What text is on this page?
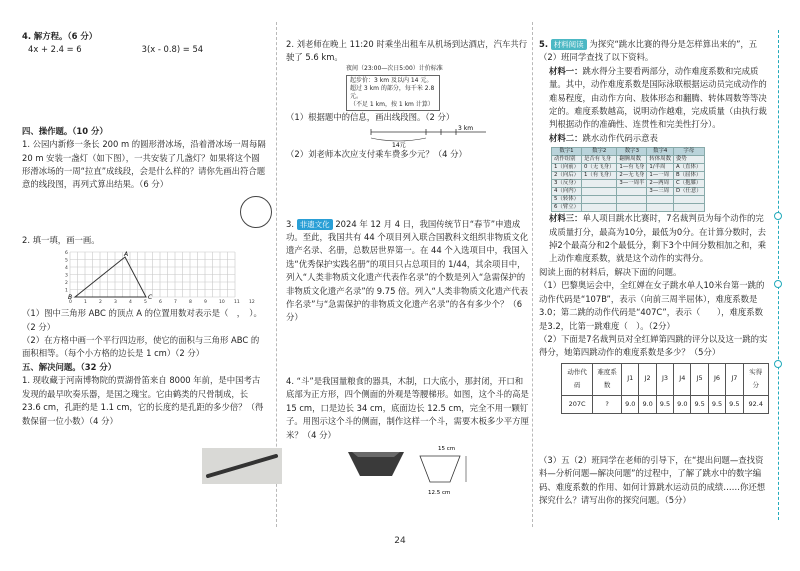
4. 解方程。（6 分）

4x + 2.4 = 6	3(x - 0.8) = 54

四、操作题。（10 分）

1. 公园内新修一条长 200 m 的圆形滑冰场，沿着滑冰场一周每隔 20 m 安装一盏灯（如下图），一共安装了几盏灯？如果将这个圆形滑冰场的一周“拉直”成线段，会是什么样的？请你先画出符合题意的线段图，再列式算出结果。（6 分）

2. 填一填，画一画。

A
B	C
0	1	2	3	4	5	6	7	8	9	10 11 12
1
2
3
4
5
6

（1）图中三角形 ABC 的顶点 A 的位置用数对表示是（　，　）。（2 分）

（2）在方格中画一个平行四边形，使它的面积与三角形 ABC 的面积相等。（每个小方格的边长是 1 cm）（2 分）

五、解决问题。（32 分）

1. 现收藏于河南博物院的贾湖骨笛来自 8000 年前，是中国考古发现的最早吹奏乐器，是国之瑰宝。它由鹤类的尺骨制成，长 23.6 cm，孔距约是 1.1 cm，它的长度约是孔距的多少倍？（得数保留一位小数）（4 分）

2. 刘老师在晚上 11:20 时乘坐出租车从机场到达酒店，汽车共行驶了 5.6 km。

夜间（23:00—次日5:00）计价标准
起步价：3 km 及以内 14 元。
超过 3 km 的部分，每千米 2.8 元。
（不足 1 km，按 1 km 计算）

（1）根据题中的信息，画出线段图。（2 分）

3 km
14元

（2）刘老师本次应支付乘车费多少元？（4 分）

3. 非遗文化 2024 年 12 月 4 日，我国传统节日“春节”申遗成功。至此，我国共有 44 个项目列入联合国教科文组织非物质文化遗产名录、名册，总数居世界第一。在 44 个入选项目中，我国入选“优秀保护实践名册”的项目只占总项目的 1/44，其余项目中，列入“人类非物质文化遗产代表作名录”的个数是列入“急需保护的非物质文化遗产名录”的 9.75 倍。列入“人类非物质文化遗产代表作名录”与“急需保护的非物质文化遗产名录”的各有多少个？（6 分）

4. “斗”是我国量粮食的器具，木制，口大底小，那封闭，开口和底部为正方形，四个侧面的外观是等腰梯形。如图，这个斗的高是 15 cm，口是边长 34 cm，底面边长 12.5 cm，完全不用一颗钉子。用图示这个斗的侧面，制作这样一个斗，需要木板多少平方厘米？（4 分）

15 cm
12.5 cm

5. 材料阅读 为探究“跳水比赛的得分是怎样算出来的”，五（2）班同学查找了以下资料。

材料一：跳水得分主要看两部分，动作难度系数和完成质量。其中，动作难度系数是国际泳联根据运动员完成动作的难易程度，由动作方向、肢体形态和翻腾、转体周数等等决定的。难度系数越高，说明动作越难，完成质量（由执行裁判根据动作的准确性、连贯性和完美性打分）。

材料二：跳水动作代码示意表

数字1	数字2	数字3	数字4	字母
动作组别	是否有飞身	翻腾周数	转体周数	姿势
1（向前）	0（无飞身）	1—有飞身	1/半周	A（直体）
2（向后）	1（有飞身）	2—无飞身	1—一周	B（屈体）
3（反身）		3—一周半	2—两周	C（抱膝）
4（向内）			3—三周	D（任意）
5（转体）				
6（臂立）				

材料三：单人项目跳水比赛时，7名裁判员为每个动作的完成质量打分，最高为10分，最低为0分。在计算分数时，去掉2个最高分和2个最低分，剩下3个中间分数相加之和，乘上动作难度系数，就是这个动作的实得分。

阅读上面的材料后，解决下面的问题。

（1）巴黎奥运会中，全红婵在女子跳水单人10米台第一跳的动作代码是“107B”，表示（向前三周半屈体），难度系数是3.0；第二跳的动作代码是“407C”，表示（　　），难度系数是3.2，比第一跳难度（　）。（2分）

（2）下面是7名裁判员对全红婵第四跳的评分以及这一跳的实得分，她第四跳动作的难度系数是多少？（5分）

动作代码	难度系数	J1	J2	J3	J4	J5	J6	J7	实得分
207C	?	9.0	9.0	9.5	9.0	9.5	9.5	9.5	92.4

（3）五（2）班同学在老师的引导下，在“提出问题—查找资料—分析问题—解决问题”的过程中，了解了跳水中的数字编码、难度系数的作用、如何计算跳水运动员的成绩……你还想探究什么？请写出你的探究问题。（5分）

24
